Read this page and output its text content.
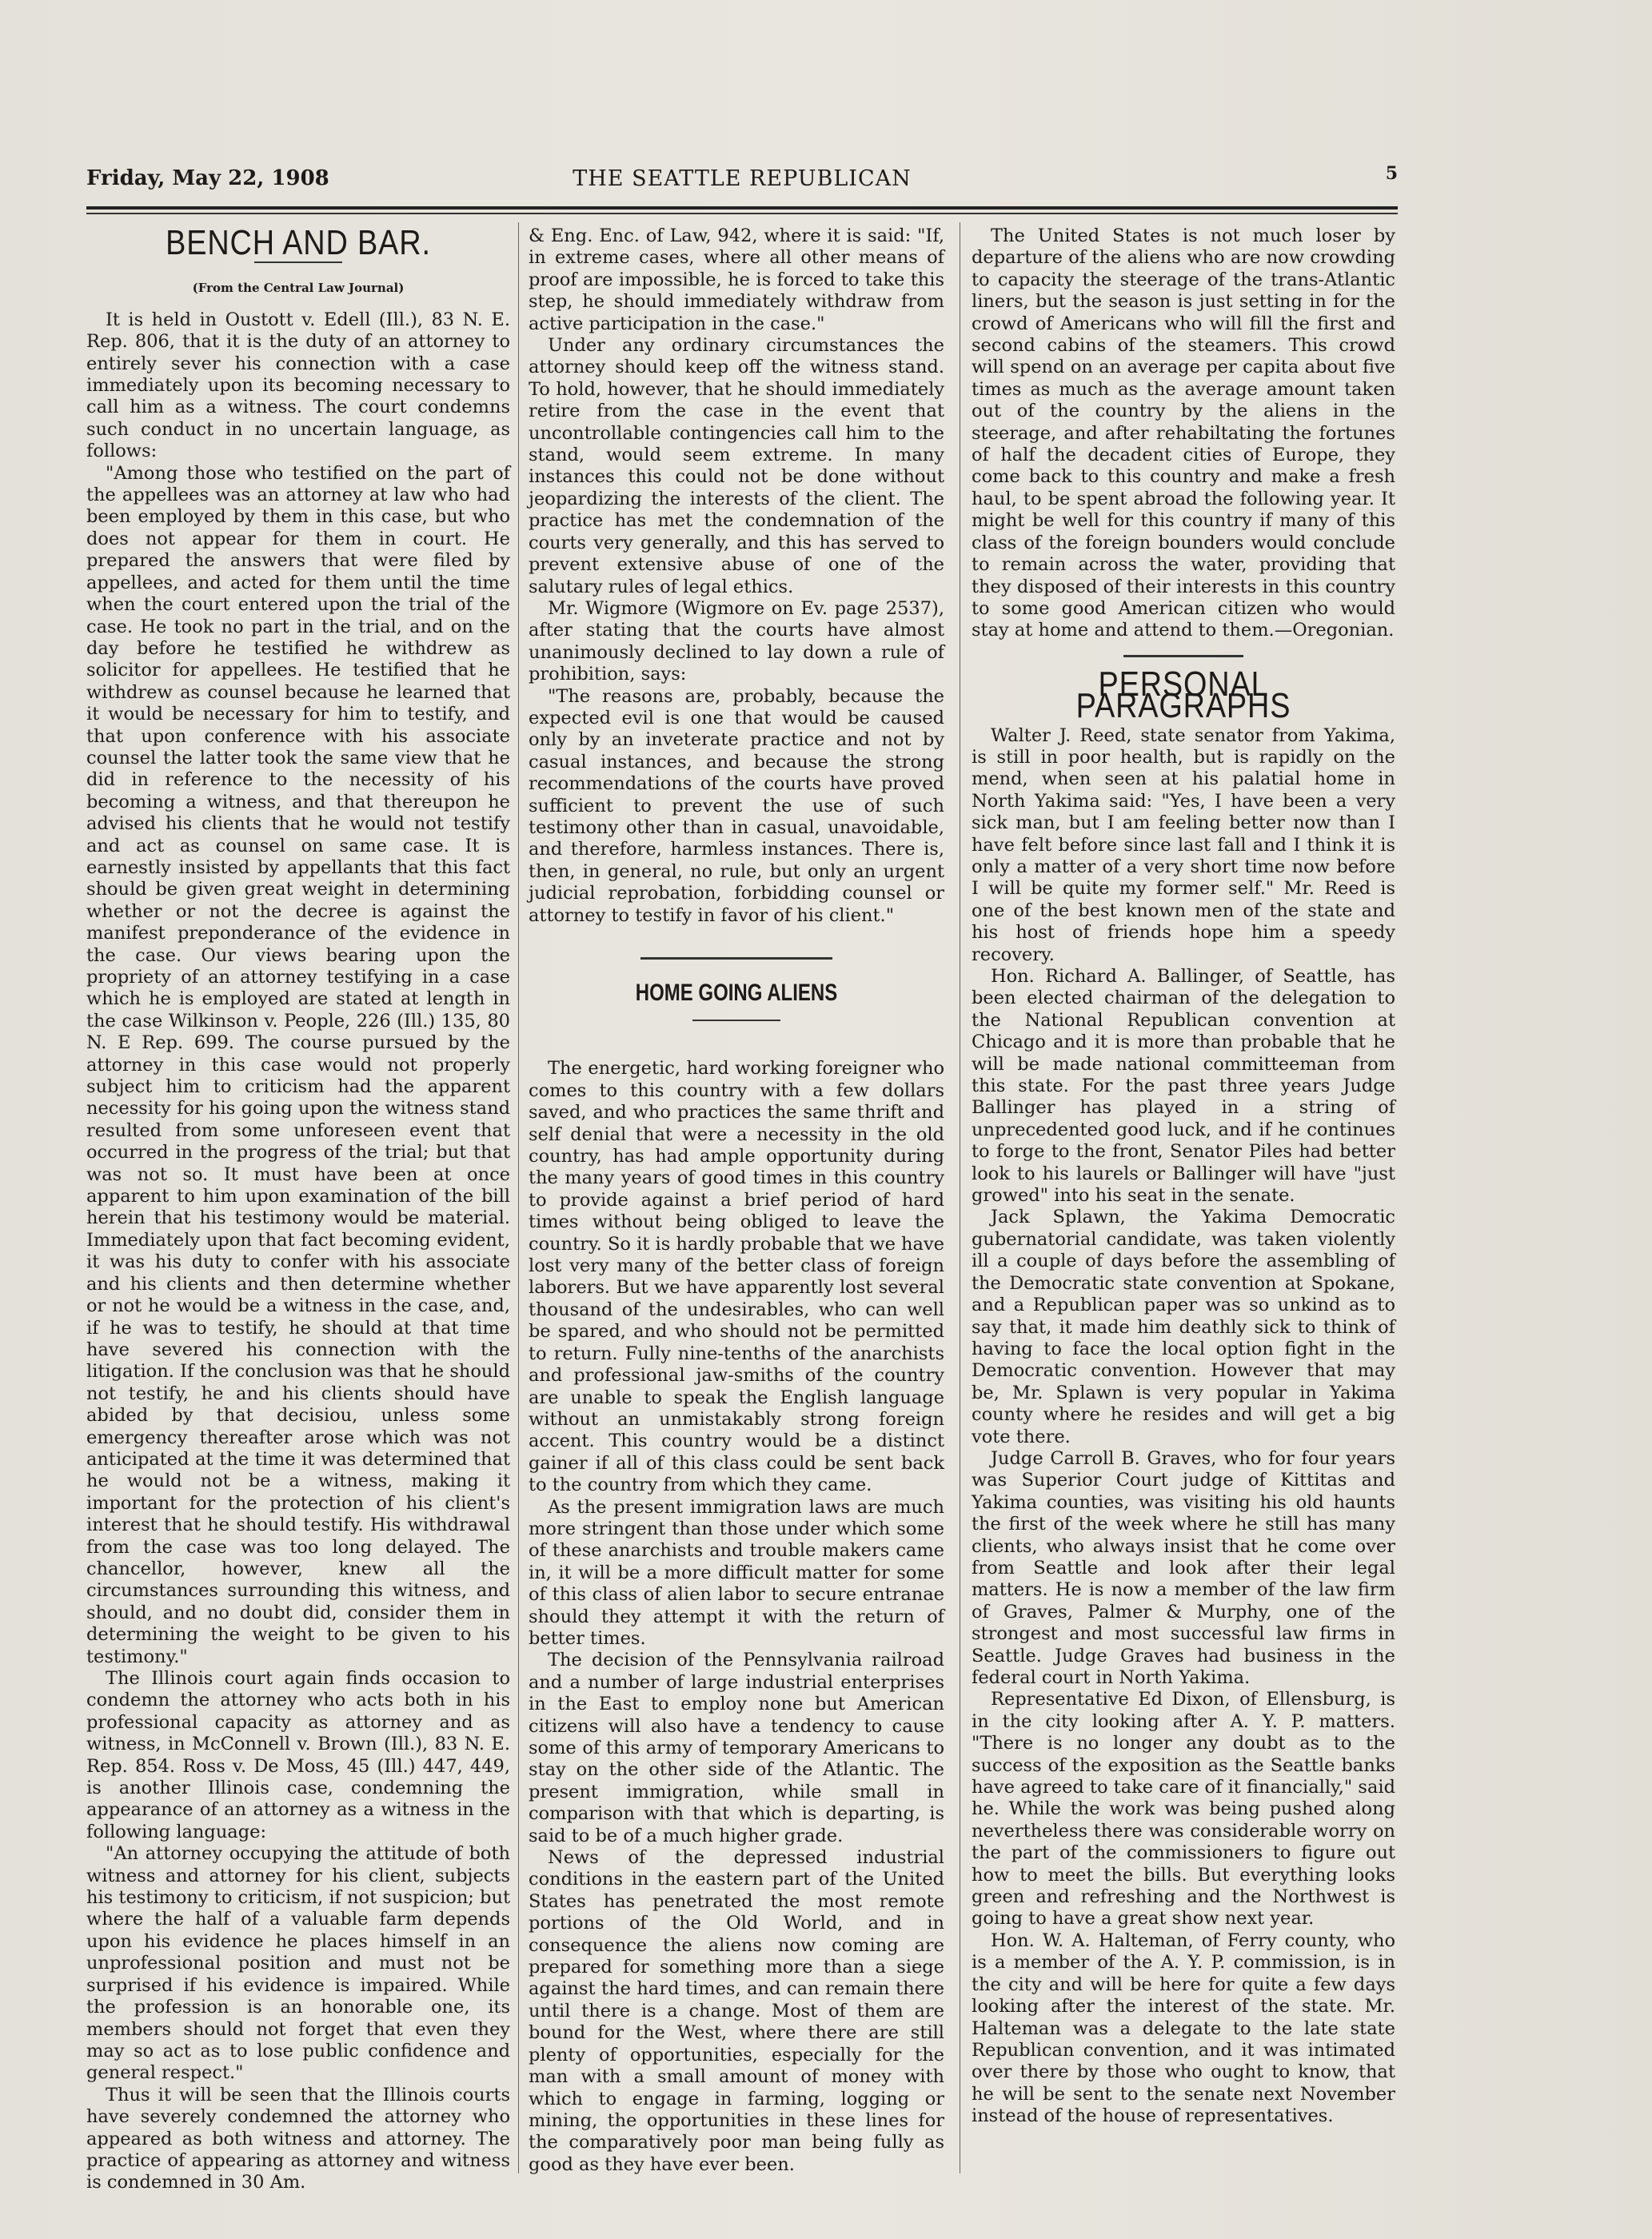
Friday, May 22, 1908	THE SEATTLE REPUBLICAN	5
BENCH AND BAR.
(From the Central Law Journal)

It is held in Oustott v. Edell (Ill.), 83 N. E. Rep. 806, that it is the duty of an attorney to entirely sever his connection with a case immediately upon its becoming necessary to call him as a witness. The court condemns such conduct in no uncertain language, as follows:

"Among those who testified on the part of the appellees was an attorney at law who had been employed by them in this case, but who does not appear for them in court. He prepared the answers that were filed by appellees, and acted for them until the time when the court entered upon the trial of the case. He took no part in the trial, and on the day before he testified he withdrew as solicitor for appellees. He testified that he withdrew as counsel because he learned that it would be necessary for him to testify, and that upon conference with his associate counsel the latter took the same view that he did in reference to the necessity of his becoming a witness, and that thereupon he advised his clients that he would not testify and act as counsel on same case. It is earnestly insisted by appellants that this fact should be given great weight in determining whether or not the decree is against the manifest preponderance of the evidence in the case. Our views bearing upon the propriety of an attorney testifying in a case which he is employed are stated at length in the case Wilkinson v. People, 226 (Ill.) 135, 80 N. E Rep. 699. The course pursued by the attorney in this case would not properly subject him to criticism had the apparent necessity for his going upon the witness stand resulted from some unforeseen event that occurred in the progress of the trial; but that was not so. It must have been at once apparent to him upon examination of the bill herein that his testimony would be material. Immediately upon that fact becoming evident, it was his duty to confer with his associate and his clients and then determine whether or not he would be a witness in the case, and, if he was to testify, he should at that time have severed his connection with the litigation. If the conclusion was that he should not testify, he and his clients should have abided by that decisiou, unless some emergency thereafter arose which was not anticipated at the time it was determined that he would not be a witness, making it important for the protection of his client's interest that he should testify. His withdrawal from the case was too long delayed. The chancellor, however, knew all the circumstances surrounding this witness, and should, and no doubt did, consider them in determining the weight to be given to his testimony."

The Illinois court again finds occasion to condemn the attorney who acts both in his professional capacity as attorney and as witness, in McConnell v. Brown (Ill.), 83 N. E. Rep. 854. Ross v. De Moss, 45 (Ill.) 447, 449, is another Illinois case, condemning the appearance of an attorney as a witness in the following language:

"An attorney occupying the attitude of both witness and attorney for his client, subjects his testimony to criticism, if not suspicion; but where the half of a valuable farm depends upon his evidence he places himself in an unprofessional position and must not be surprised if his evidence is impaired. While the profession is an honorable one, its members should not forget that even they may so act as to lose public confidence and general respect."

Thus it will be seen that the Illinois courts have severely condemned the attorney who appeared as both witness and attorney. The practice of appearing as attorney and witness is condemned in 30 Am.

& Eng. Enc. of Law, 942, where it is said: "If, in extreme cases, where all other means of proof are impossible, he is forced to take this step, he should immediately withdraw from active participation in the case."

Under any ordinary circumstances the attorney should keep off the witness stand. To hold, however, that he should immediately retire from the case in the event that uncontrollable contingencies call him to the stand, would seem extreme. In many instances this could not be done without jeopardizing the interests of the client. The practice has met the condemnation of the courts very generally, and this has served to prevent extensive abuse of one of the salutary rules of legal ethics.

Mr. Wigmore (Wigmore on Ev. page 2537), after stating that the courts have almost unanimously declined to lay down a rule of prohibition, says:

"The reasons are, probably, because the expected evil is one that would be caused only by an inveterate practice and not by casual instances, and because the strong recommendations of the courts have proved sufficient to prevent the use of such testimony other than in casual, unavoidable, and therefore, harmless instances. There is, then, in general, no rule, but only an urgent judicial reprobation, forbidding counsel or attorney to testify in favor of his client."

HOME GOING ALIENS

The energetic, hard working foreigner who comes to this country with a few dollars saved, and who practices the same thrift and self denial that were a necessity in the old country, has had ample opportunity during the many years of good times in this country to provide against a brief period of hard times without being obliged to leave the country. So it is hardly probable that we have lost very many of the better class of foreign laborers. But we have apparently lost several thousand of the undesirables, who can well be spared, and who should not be permitted to return. Fully nine-tenths of the anarchists and professional jaw-smiths of the country are unable to speak the English language without an unmistakably strong foreign accent. This country would be a distinct gainer if all of this class could be sent back to the country from which they came.

As the present immigration laws are much more stringent than those under which some of these anarchists and trouble makers came in, it will be a more difficult matter for some of this class of alien labor to secure entranae should they attempt it with the return of better times.

The decision of the Pennsylvania railroad and a number of large industrial enterprises in the East to employ none but American citizens will also have a tendency to cause some of this army of temporary Americans to stay on the other side of the Atlantic. The present immigration, while small in comparison with that which is departing, is said to be of a much higher grade.

News of the depressed industrial conditions in the eastern part of the United States has penetrated the most remote portions of the Old World, and in consequence the aliens now coming are prepared for something more than a siege against the hard times, and can remain there until there is a change. Most of them are bound for the West, where there are still plenty of opportunities, especially for the man with a small amount of money with which to engage in farming, logging or mining, the opportunities in these lines for the comparatively poor man being fully as good as they have ever been.

The United States is not much loser by departure of the aliens who are now crowding to capacity the steerage of the trans-Atlantic liners, but the season is just setting in for the crowd of Americans who will fill the first and second cabins of the steamers. This crowd will spend on an average per capita about five times as much as the average amount taken out of the country by the aliens in the steerage, and after rehabiltating the fortunes of half the decadent cities of Europe, they come back to this country and make a fresh haul, to be spent abroad the following year. It might be well for this country if many of this class of the foreign bounders would conclude to remain across the water, providing that they disposed of their interests in this country to some good American citizen who would stay at home and attend to them.—Oregonian.

PERSONAL PARAGRAPHS

Walter J. Reed, state senator from Yakima, is still in poor health, but is rapidly on the mend, when seen at his palatial home in North Yakima said: "Yes, I have been a very sick man, but I am feeling better now than I have felt before since last fall and I think it is only a matter of a very short time now before I will be quite my former self." Mr. Reed is one of the best known men of the state and his host of friends hope him a speedy recovery.

Hon. Richard A. Ballinger, of Seattle, has been elected chairman of the delegation to the National Republican convention at Chicago and it is more than probable that he will be made national committeeman from this state. For the past three years Judge Ballinger has played in a string of unprecedented good luck, and if he continues to forge to the front, Senator Piles had better look to his laurels or Ballinger will have "just growed" into his seat in the senate.

Jack Splawn, the Yakima Democratic gubernatorial candidate, was taken violently ill a couple of days before the assembling of the Democratic state convention at Spokane, and a Republican paper was so unkind as to say that, it made him deathly sick to think of having to face the local option fight in the Democratic convention. However that may be, Mr. Splawn is very popular in Yakima county where he resides and will get a big vote there.

Judge Carroll B. Graves, who for four years was Superior Court judge of Kittitas and Yakima counties, was visiting his old haunts the first of the week where he still has many clients, who always insist that he come over from Seattle and look after their legal matters. He is now a member of the law firm of Graves, Palmer & Murphy, one of the strongest and most successful law firms in Seattle. Judge Graves had business in the federal court in North Yakima.

Representative Ed Dixon, of Ellensburg, is in the city looking after A. Y. P. matters. "There is no longer any doubt as to the success of the exposition as the Seattle banks have agreed to take care of it financially," said he. While the work was being pushed along nevertheless there was considerable worry on the part of the commissioners to figure out how to meet the bills. But everything looks green and refreshing and the Northwest is going to have a great show next year.

Hon. W. A. Halteman, of Ferry county, who is a member of the A. Y. P. commission, is in the city and will be here for quite a few days looking after the interest of the state. Mr. Halteman was a delegate to the late state Republican convention, and it was intimated over there by those who ought to know, that he will be sent to the senate next November instead of the house of representatives.
